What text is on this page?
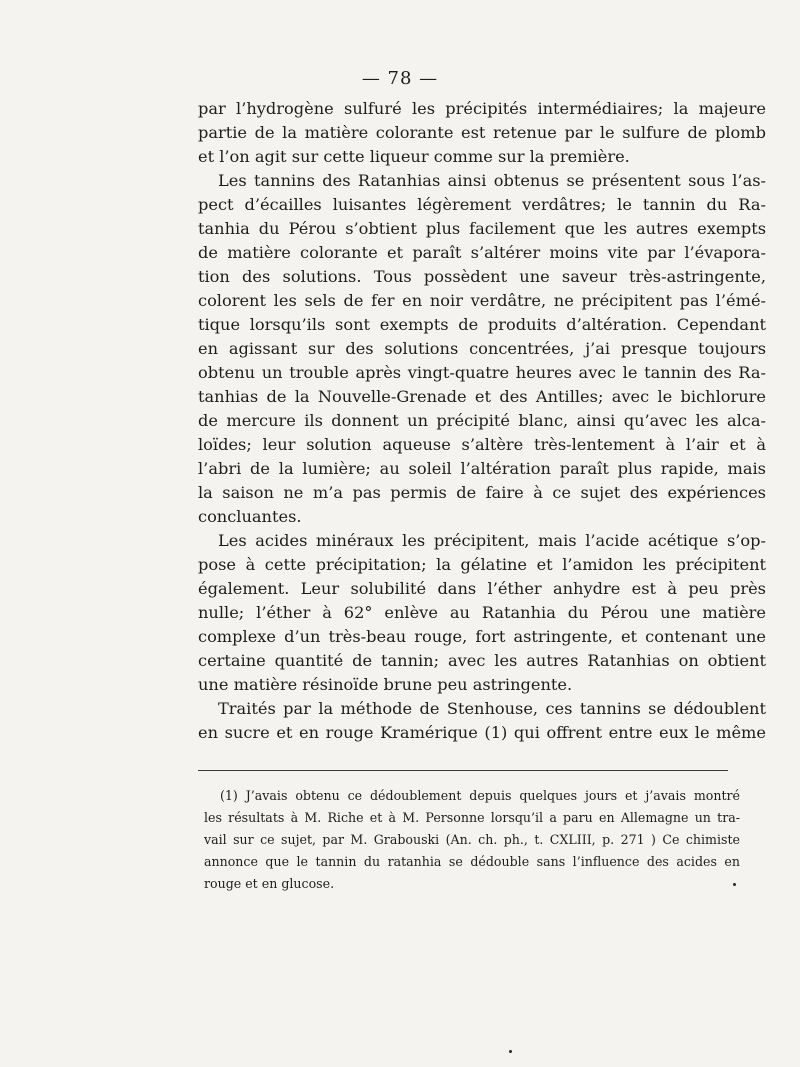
— 78 —
par l’hydrogène sulfuré les précipités intermédiaires; la majeure
partie de la matière colorante est retenue par le sulfure de plomb
et l’on agit sur cette liqueur comme sur la première.
Les tannins des Ratanhias ainsi obtenus se présentent sous l’as-
pect d’écailles luisantes légèrement verdâtres; le tannin du Ra-
tanhia du Pérou s’obtient plus facilement que les autres exempts
de matière colorante et paraît s’altérer moins vite par l’évapora-
tion des solutions. Tous possèdent une saveur très-astringente,
colorent les sels de fer en noir verdâtre, ne précipitent pas l’émé-
tique lorsqu’ils sont exempts de produits d’altération. Cependant
en agissant sur des solutions concentrées, j’ai presque toujours
obtenu un trouble après vingt-quatre heures avec le tannin des Ra-
tanhias de la Nouvelle-Grenade et des Antilles; avec le bichlorure
de mercure ils donnent un précipité blanc, ainsi qu’avec les alca-
loïdes; leur solution aqueuse s’altère très-lentement à l’air et à
l’abri de la lumière; au soleil l’altération paraît plus rapide, mais
la saison ne m’a pas permis de faire à ce sujet des expériences
concluantes.
Les acides minéraux les précipitent, mais l’acide acétique s’op-
pose à cette précipitation; la gélatine et l’amidon les précipitent
également. Leur solubilité dans l’éther anhydre est à peu près
nulle; l’éther à 62° enlève au Ratanhia du Pérou une matière
complexe d’un très-beau rouge, fort astringente, et contenant une
certaine quantité de tannin; avec les autres Ratanhias on obtient
une matière résinoïde brune peu astringente.
Traités par la méthode de Stenhouse, ces tannins se dédoublent
en sucre et en rouge Kramérique (1) qui offrent entre eux le même
(1) J’avais obtenu ce dédoublement depuis quelques jours et j’avais montré
les résultats à M. Riche et à M. Personne lorsqu’il a paru en Allemagne un tra-
vail sur ce sujet, par M. Grabouski (An. ch. ph., t. CXLIII, p. 271 ) Ce chimiste
annonce que le tannin du ratanhia se dédouble sans l’influence des acides en
rouge et en glucose.
